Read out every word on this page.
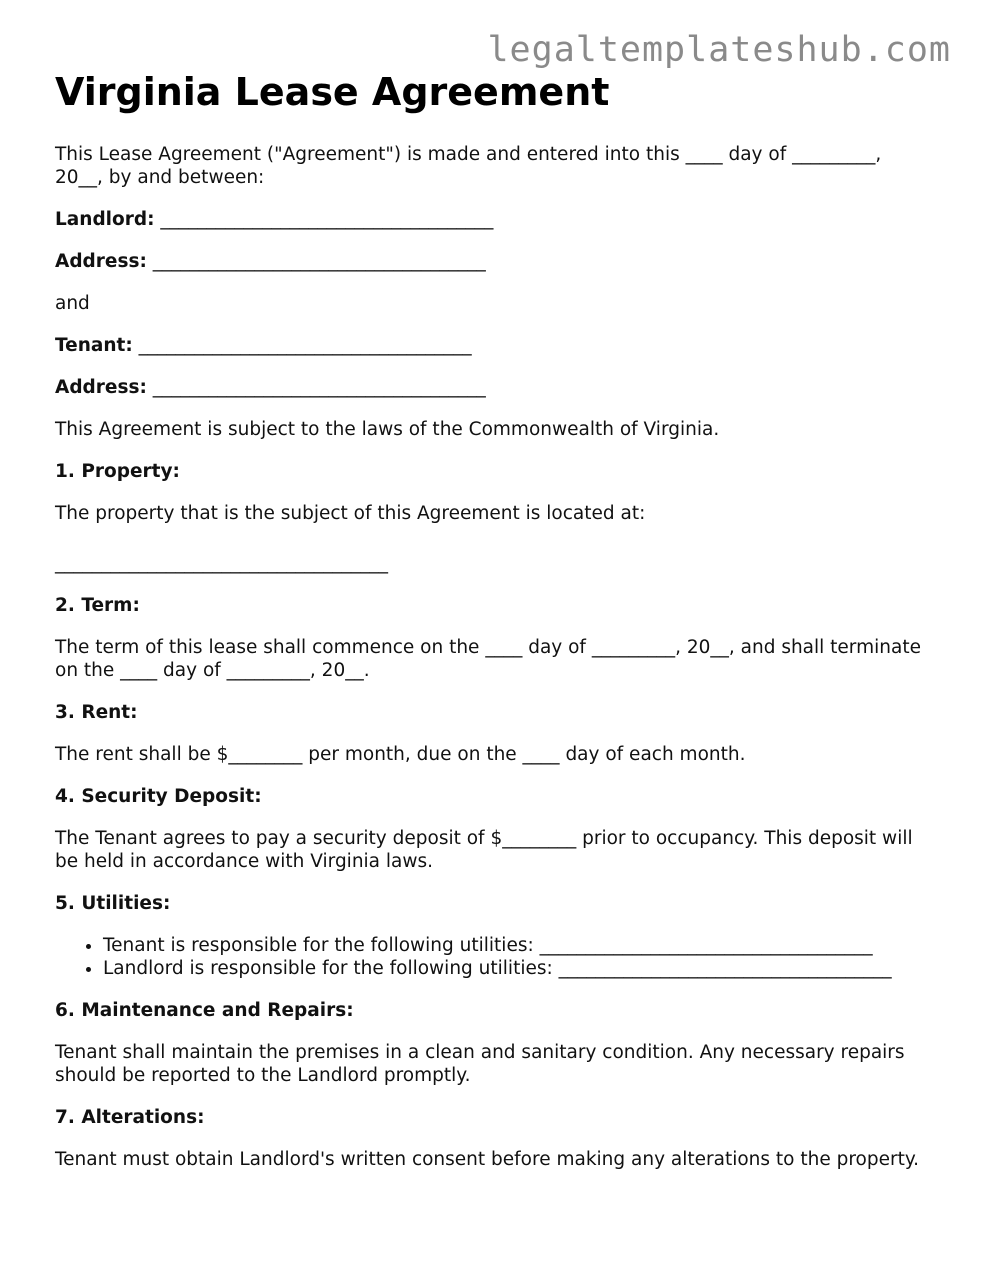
legaltemplateshub.com
Virginia Lease Agreement

This Lease Agreement ("Agreement") is made and entered into this ____ day of _________, 20__, by and between:

Landlord: ____________________________________

Address: ____________________________________

and

Tenant: ____________________________________

Address: ____________________________________

This Agreement is subject to the laws of the Commonwealth of Virginia.

1. Property:

The property that is the subject of this Agreement is located at:

____________________________________

2. Term:

The term of this lease shall commence on the ____ day of _________, 20__, and shall terminate on the ____ day of _________, 20__.

3. Rent:

The rent shall be $________ per month, due on the ____ day of each month.

4. Security Deposit:

The Tenant agrees to pay a security deposit of $________ prior to occupancy. This deposit will be held in accordance with Virginia laws.

5. Utilities:

• Tenant is responsible for the following utilities: ____________________________________
• Landlord is responsible for the following utilities: ____________________________________

6. Maintenance and Repairs:

Tenant shall maintain the premises in a clean and sanitary condition. Any necessary repairs should be reported to the Landlord promptly.

7. Alterations:

Tenant must obtain Landlord's written consent before making any alterations to the property.
